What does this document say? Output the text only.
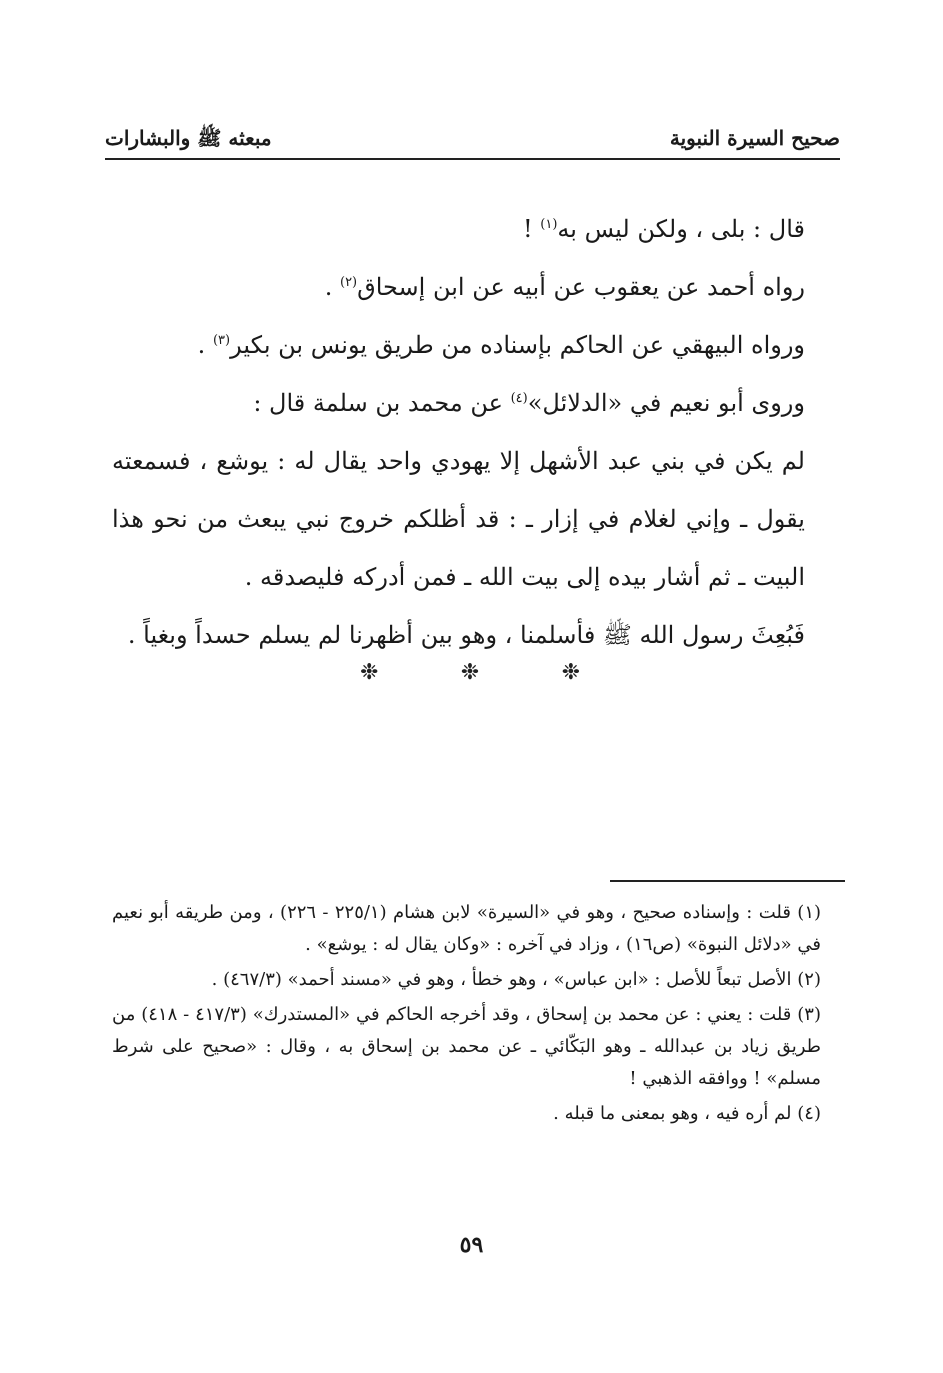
صحيح السيرة النبوية
مبعثه ﷺ والبشارات

قال : بلى ، ولكن ليس به$^{(١)}$ !

رواه أحمد عن يعقوب عن أبيه عن ابن إسحاق$^{(٢)}$ .

ورواه البيهقي عن الحاكم بإسناده من طريق يونس بن بكير$^{(٣)}$ .

وروى أبو نعيم في «الدلائل»$^{(٤)}$ عن محمد بن سلمة قال :

لم يكن في بني عبد الأشهل إلا يهودي واحد يقال له : يوشع ، فسمعته يقول ـ وإني لغلام في إزار ـ : قد أظلكم خروج نبي يبعث من نحو هذا البيت ـ ثم أشار بيده إلى بيت الله ـ فمن أدركه فليصدقه .

فَبُعِثَ رسول الله ﷺ فأسلمنا ، وهو بين أظهرنا لم يسلم حسداً وبغياً .

❉	❉	❉

(١) قلت : وإسناده صحيح ، وهو في «السيرة» لابن هشام (٢٢٥/١ - ٢٢٦) ، ومن طريقه أبو نعيم في «دلائل النبوة» (ص١٦) ، وزاد في آخره : «وكان يقال له : يوشع» .

(٢) الأصل تبعاً للأصل : «ابن عباس» ، وهو خطأ ، وهو في «مسند أحمد» (٤٦٧/٣) .

(٣) قلت : يعني : عن محمد بن إسحاق ، وقد أخرجه الحاكم في «المستدرك» (٤١٧/٣ - ٤١٨) من طريق زياد بن عبدالله ـ وهو البَكّائي ـ عن محمد بن إسحاق به ، وقال : «صحيح على شرط مسلم» ! ووافقه الذهبي !

(٤) لم أره فيه ، وهو بمعنى ما قبله .

٥٩
